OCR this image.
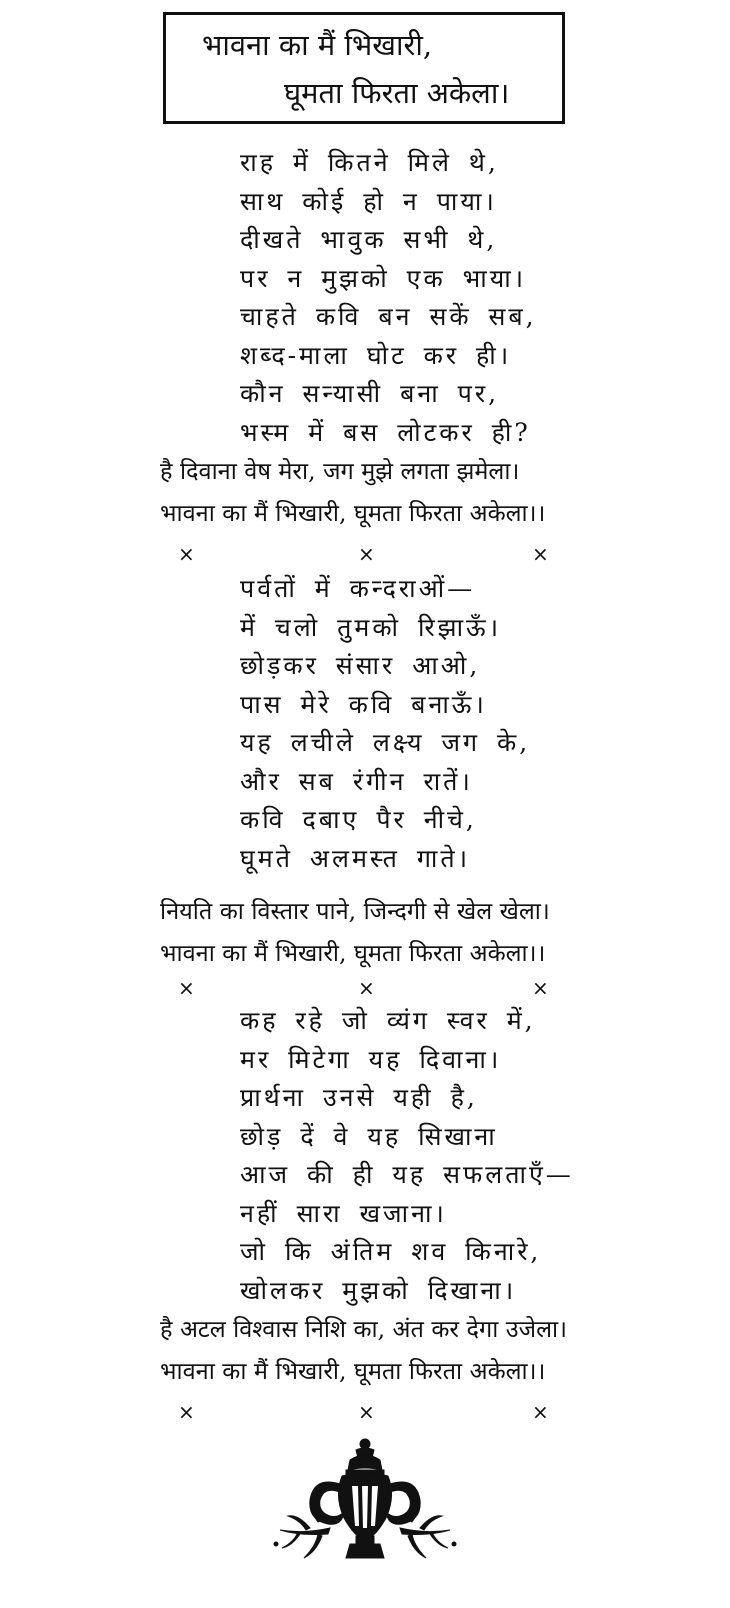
भावना का मैं भिखारी,
घूमता फिरता अकेला।
राह में कितने मिले थे,
साथ कोई हो न पाया।
दीखते भावुक सभी थे,
पर न मुझको एक भाया।
चाहते कवि बन सकें सब,
शब्द-माला घोट कर ही।
कौन सन्यासी बना पर,
भस्म में बस लोटकर ही?
है दिवाना वेष मेरा, जग मुझे लगता झमेला।
भावना का मैं भिखारी, घूमता फिरता अकेला।।
×	×	×
पर्वतों में कन्दराओं—
में चलो तुमको रिझाऊँ।
छोड़कर संसार आओ,
पास मेरे कवि बनाऊँ।
यह लचीले लक्ष्य जग के,
और सब रंगीन रातें।
कवि दबाए पैर नीचे,
घूमते अलमस्त गाते।
नियति का विस्तार पाने, जिन्दगी से खेल खेला।
भावना का मैं भिखारी, घूमता फिरता अकेला।।
×	×	×
कह रहे जो व्यंग स्वर में,
मर मिटेगा यह दिवाना।
प्रार्थना उनसे यही है,
छोड़ दें वे यह सिखाना
आज की ही यह सफलताएँ—
नहीं सारा खजाना।
जो कि अंतिम शव किनारे,
खोलकर मुझको दिखाना।
है अटल विश्वास निशि का, अंत कर देगा उजेला।
भावना का मैं भिखारी, घूमता फिरता अकेला।।
×	×	×
